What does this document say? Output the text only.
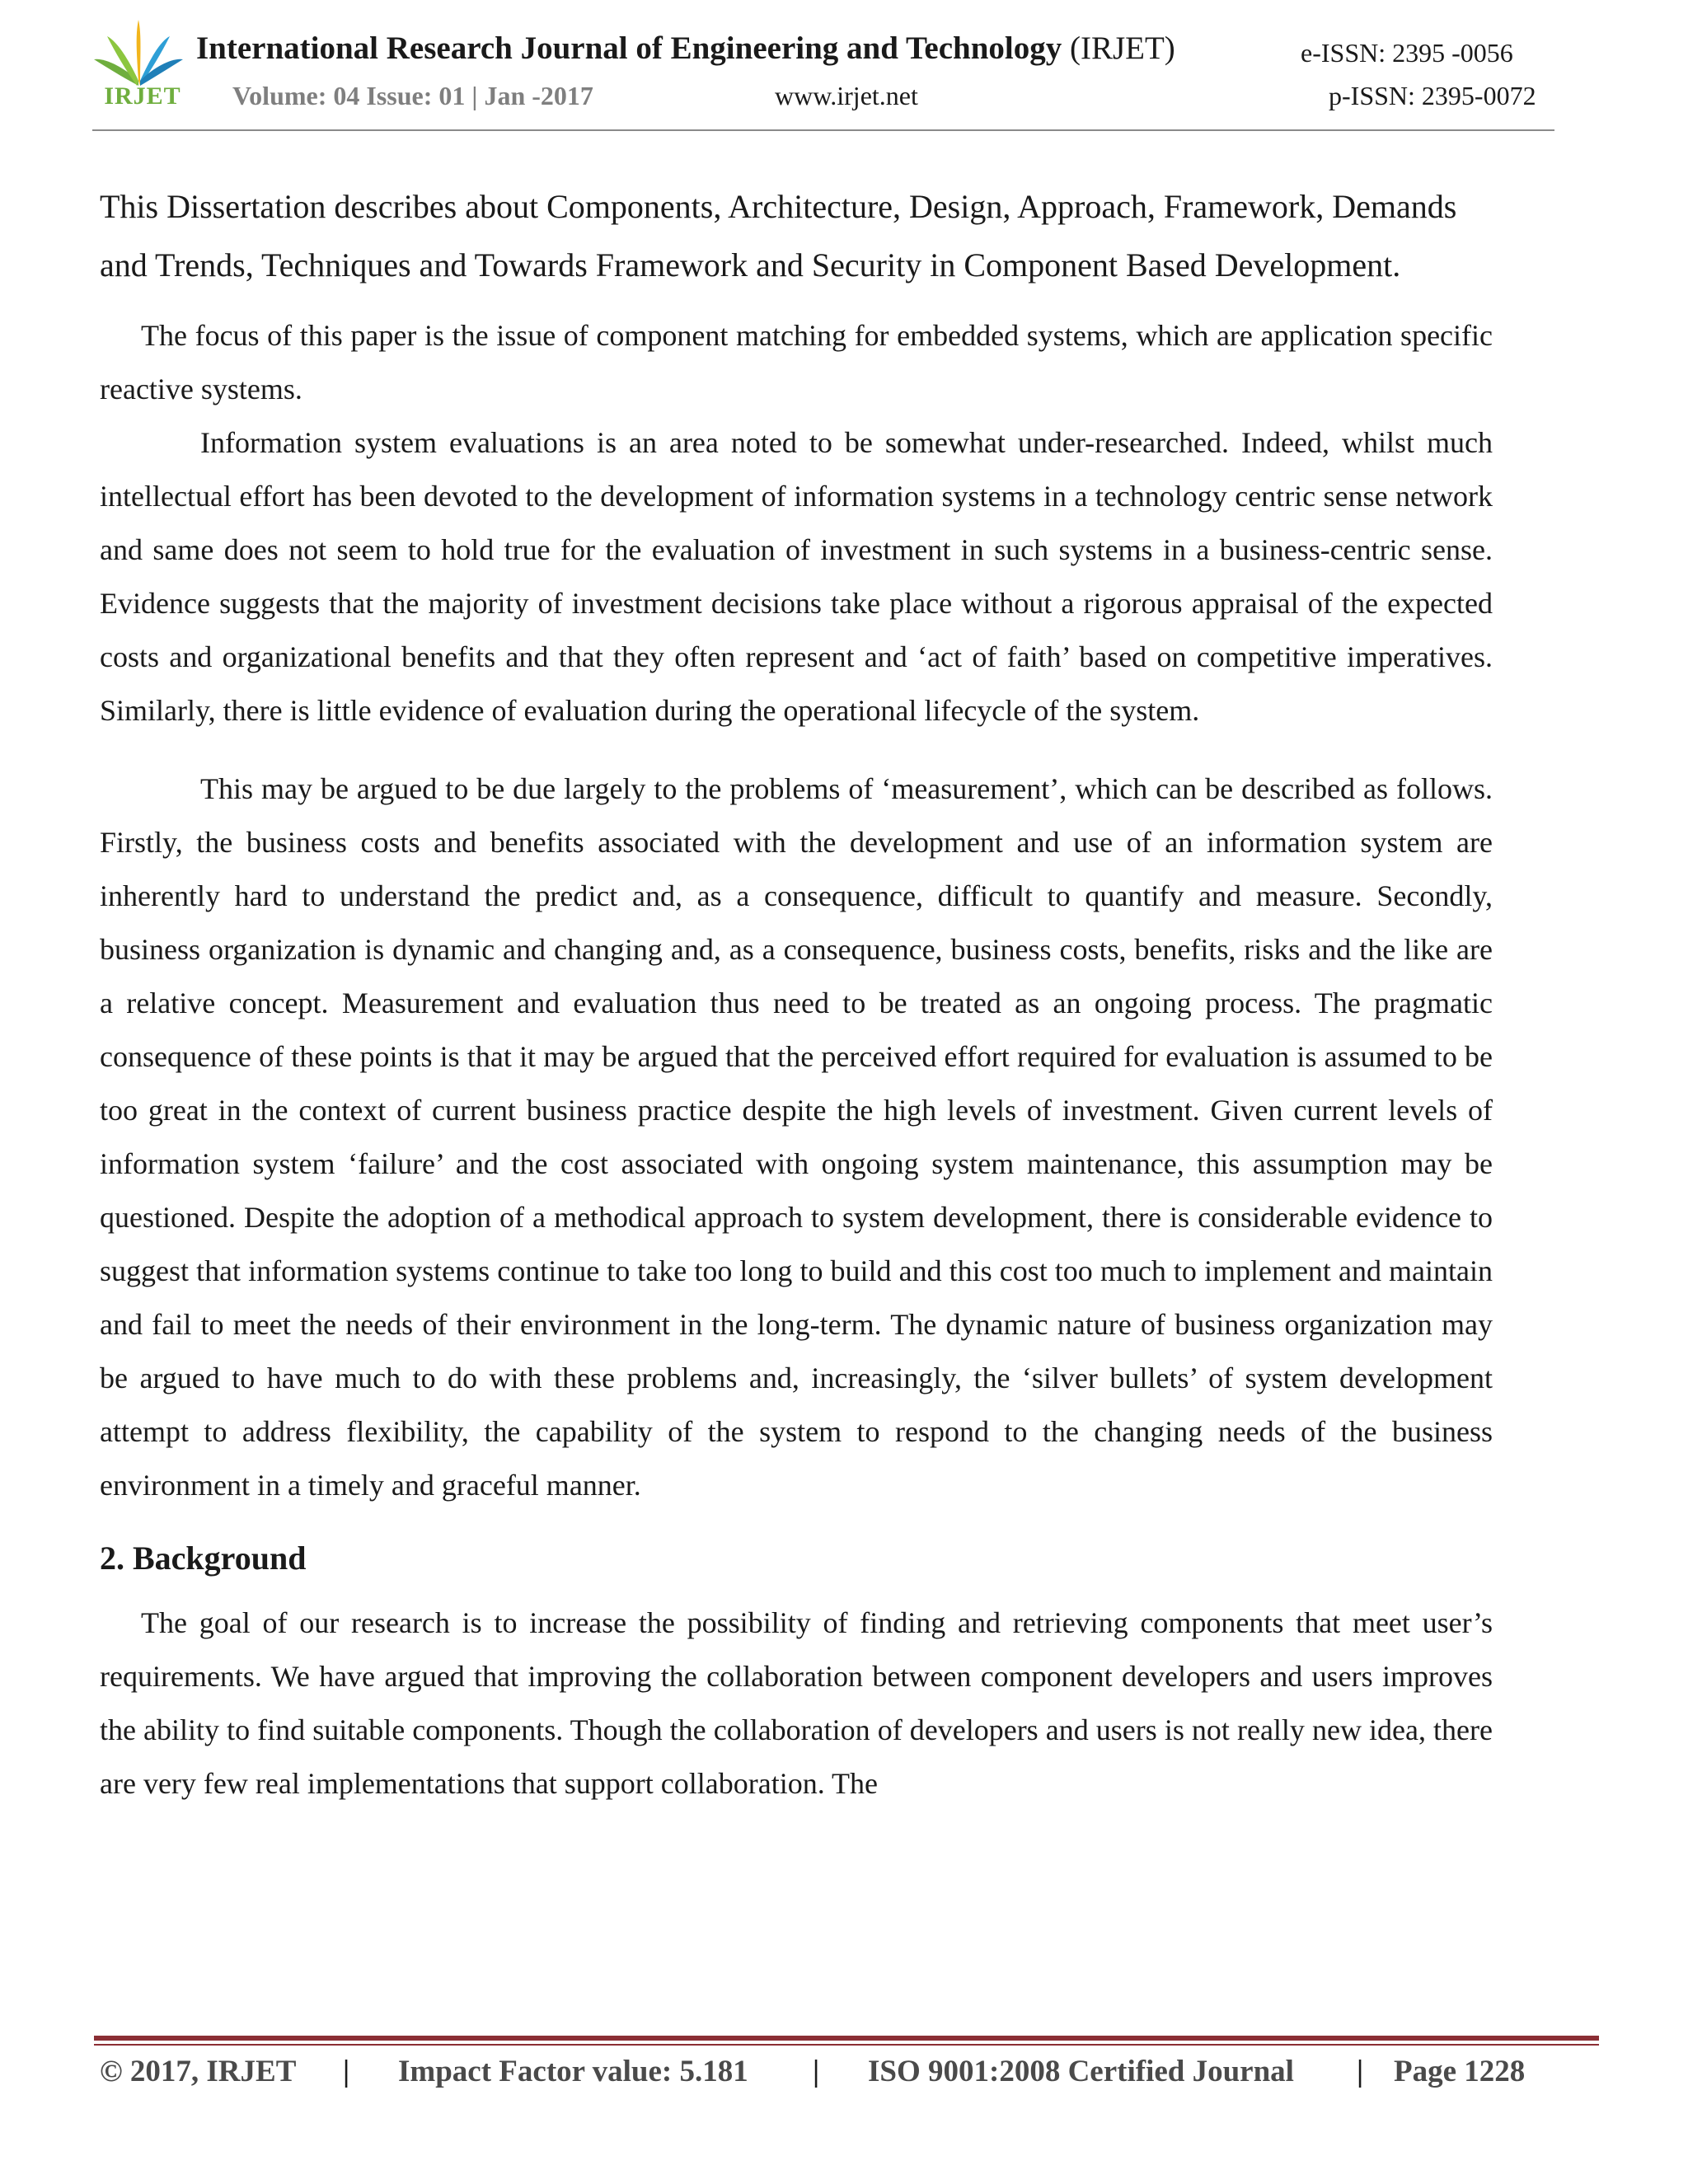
IRJET
International Research Journal of Engineering and Technology (IRJET)	e-ISSN: 2395 -0056
Volume: 04 Issue: 01 | Jan -2017	www.irjet.net	p-ISSN: 2395-0072

This Dissertation describes about Components, Architecture, Design, Approach, Framework, Demands and Trends, Techniques and Towards Framework and Security in Component Based Development.

The focus of this paper is the issue of component matching for embedded systems, which are application specific reactive systems.

Information system evaluations is an area noted to be somewhat under-researched. Indeed, whilst much intellectual effort has been devoted to the development of information systems in a technology centric sense network and same does not seem to hold true for the evaluation of investment in such systems in a business-centric sense. Evidence suggests that the majority of investment decisions take place without a rigorous appraisal of the expected costs and organizational benefits and that they often represent and ‘act of faith’ based on competitive imperatives. Similarly, there is little evidence of evaluation during the operational lifecycle of the system.

This may be argued to be due largely to the problems of ‘measurement’, which can be described as follows. Firstly, the business costs and benefits associated with the development and use of an information system are inherently hard to understand the predict and, as a consequence, difficult to quantify and measure. Secondly, business organization is dynamic and changing and, as a consequence, business costs, benefits, risks and the like are a relative concept. Measurement and evaluation thus need to be treated as an ongoing process. The pragmatic consequence of these points is that it may be argued that the perceived effort required for evaluation is assumed to be too great in the context of current business practice despite the high levels of investment. Given current levels of information system ‘failure’ and the cost associated with ongoing system maintenance, this assumption may be questioned. Despite the adoption of a methodical approach to system development, there is considerable evidence to suggest that information systems continue to take too long to build and this cost too much to implement and maintain and fail to meet the needs of their environment in the long-term. The dynamic nature of business organization may be argued to have much to do with these problems and, increasingly, the ‘silver bullets’ of system development attempt to address flexibility, the capability of the system to respond to the changing needs of the business environment in a timely and graceful manner.

2. Background

The goal of our research is to increase the possibility of finding and retrieving components that meet user’s requirements. We have argued that improving the collaboration between component developers and users improves the ability to find suitable components. Though the collaboration of developers and users is not really new idea, there are very few real implementations that support collaboration. The

© 2017, IRJET | Impact Factor value: 5.181 | ISO 9001:2008 Certified Journal | Page 1228
